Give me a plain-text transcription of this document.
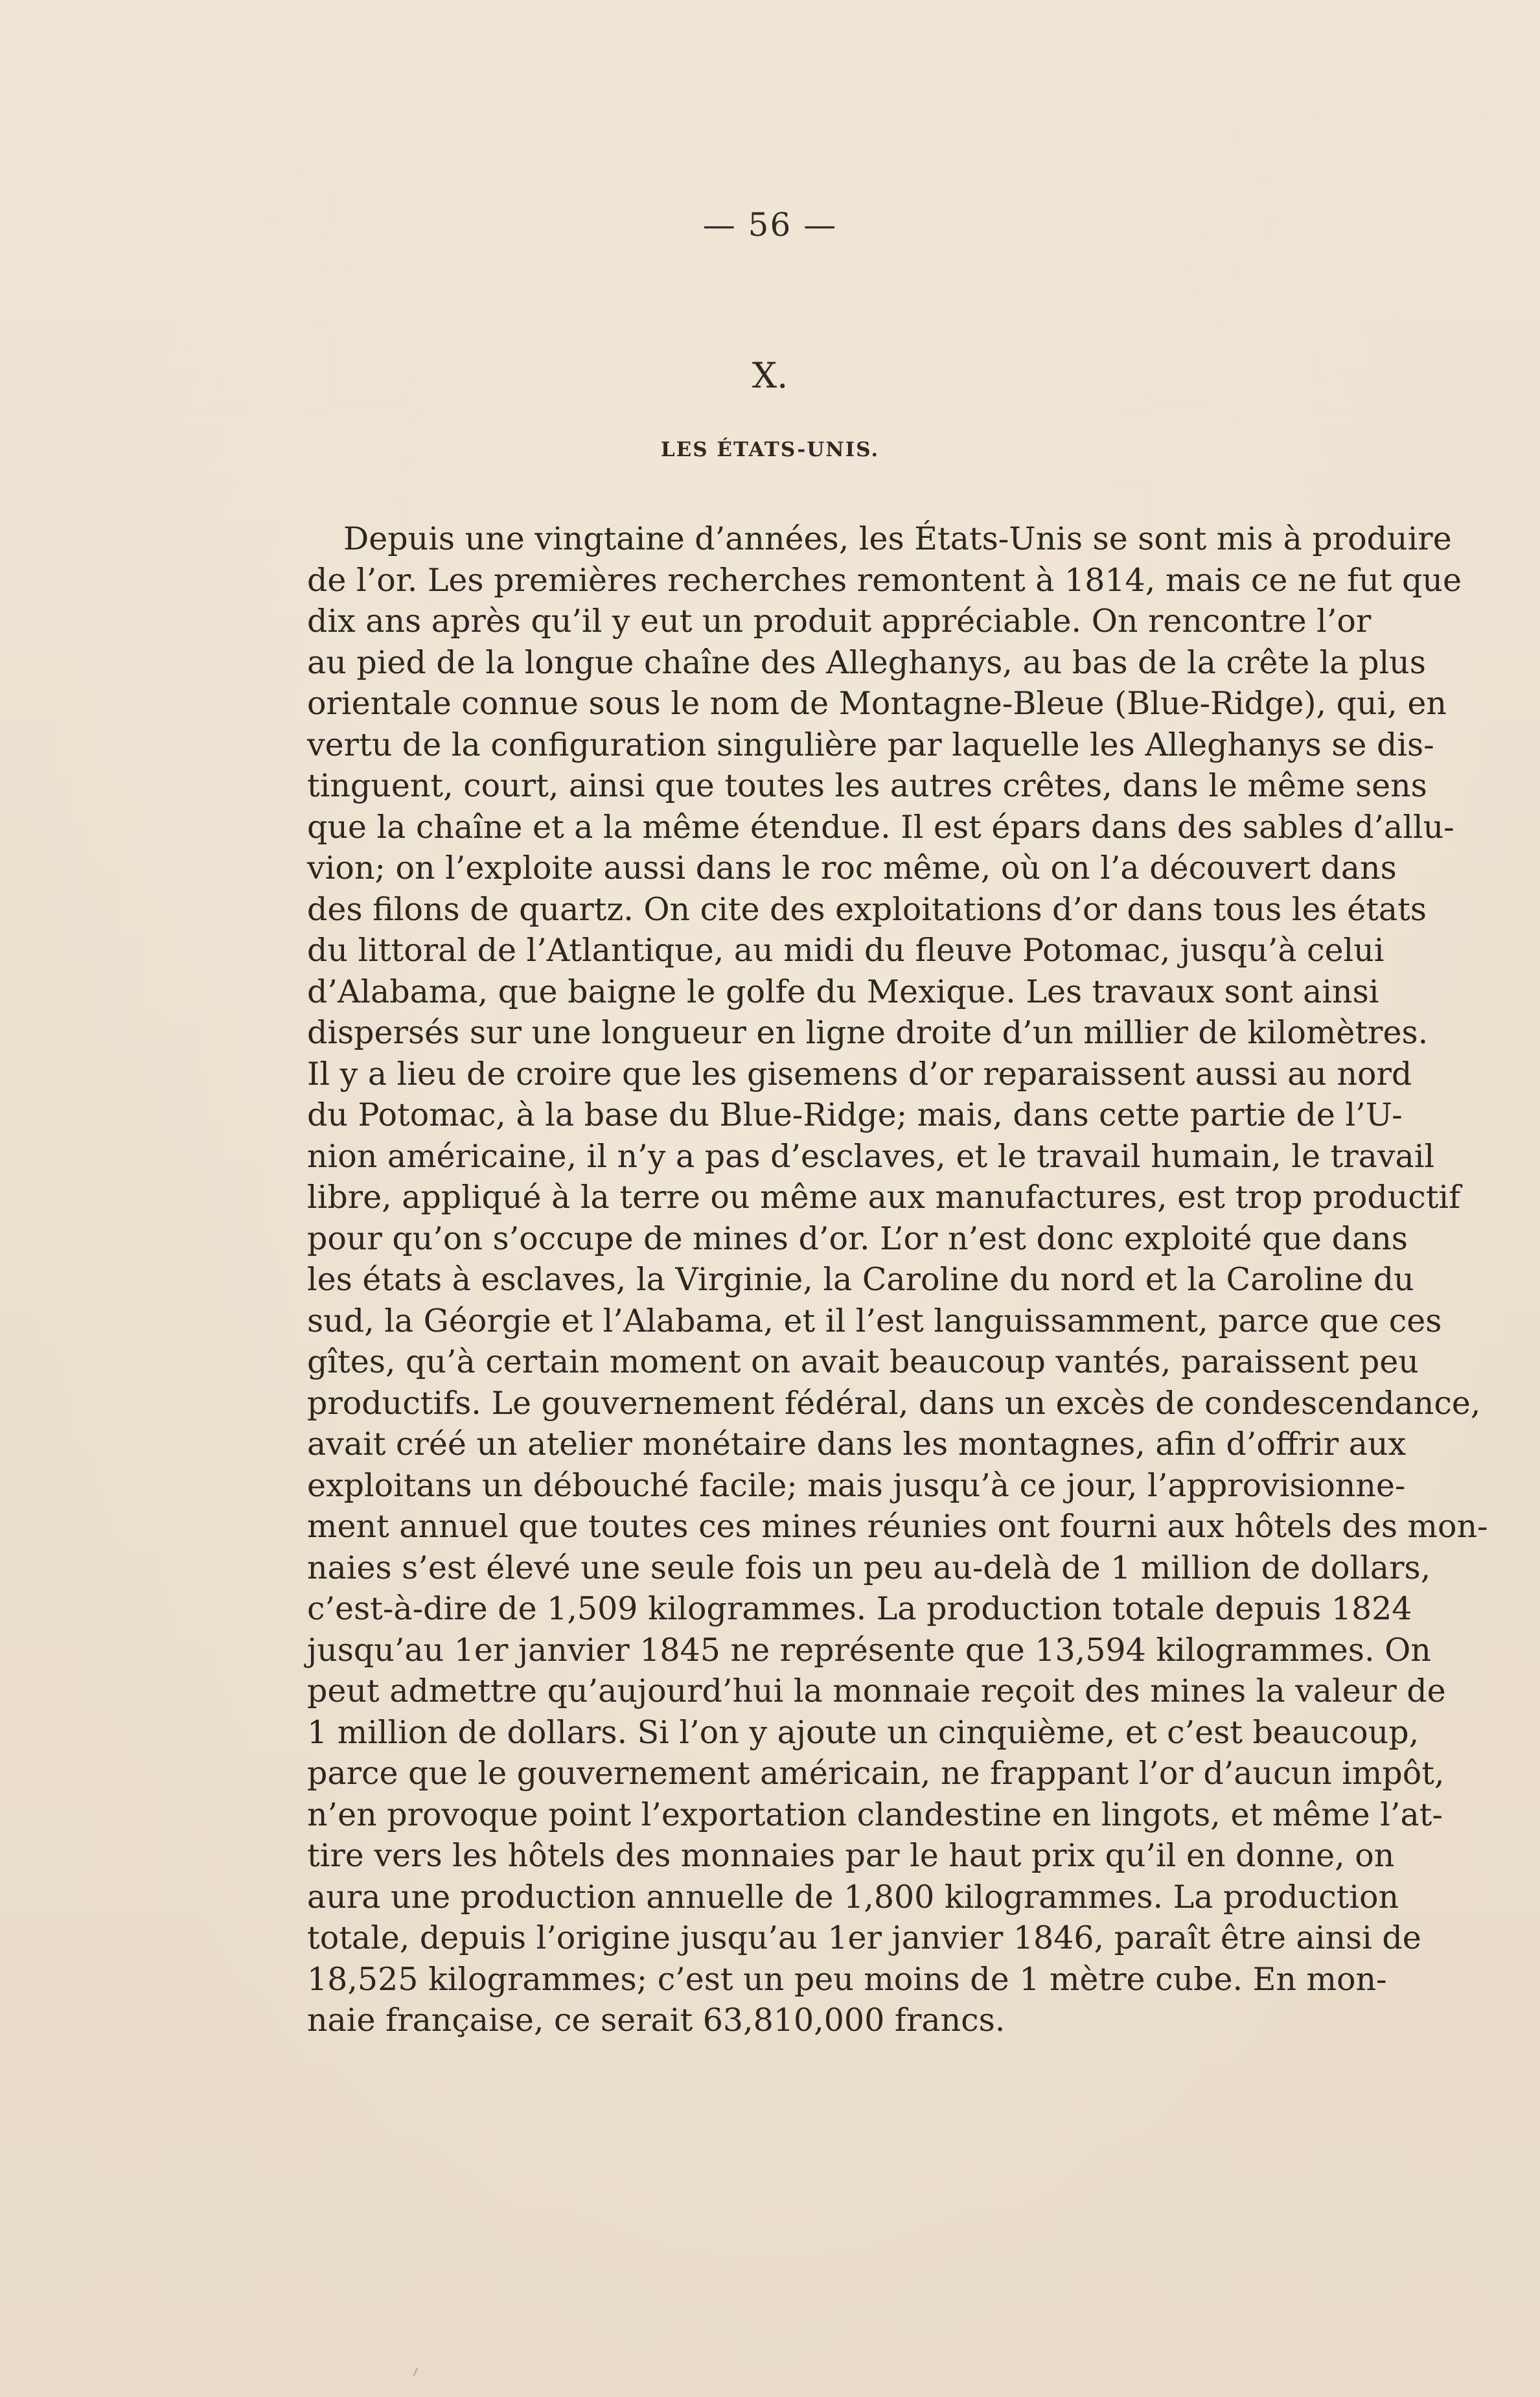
— 56 —
X.
LES ÉTATS-UNIS.
Depuis une vingtaine d’années, les États-Unis se sont mis à produire
de l’or. Les premières recherches remontent à 1814, mais ce ne fut que
dix ans après qu’il y eut un produit appréciable. On rencontre l’or
au pied de la longue chaîne des Alleghanys, au bas de la crête la plus
orientale connue sous le nom de Montagne-Bleue (Blue-Ridge), qui, en
vertu de la configuration singulière par laquelle les Alleghanys se dis-
tinguent, court, ainsi que toutes les autres crêtes, dans le même sens
que la chaîne et a la même étendue. Il est épars dans des sables d’allu-
vion; on l’exploite aussi dans le roc même, où on l’a découvert dans
des filons de quartz. On cite des exploitations d’or dans tous les états
du littoral de l’Atlantique, au midi du fleuve Potomac, jusqu’à celui
d’Alabama, que baigne le golfe du Mexique. Les travaux sont ainsi
dispersés sur une longueur en ligne droite d’un millier de kilomètres.
Il y a lieu de croire que les gisemens d’or reparaissent aussi au nord
du Potomac, à la base du Blue-Ridge; mais, dans cette partie de l’U-
nion américaine, il n’y a pas d’esclaves, et le travail humain, le travail
libre, appliqué à la terre ou même aux manufactures, est trop productif
pour qu’on s’occupe de mines d’or. L’or n’est donc exploité que dans
les états à esclaves, la Virginie, la Caroline du nord et la Caroline du
sud, la Géorgie et l’Alabama, et il l’est languissamment, parce que ces
gîtes, qu’à certain moment on avait beaucoup vantés, paraissent peu
productifs. Le gouvernement fédéral, dans un excès de condescendance,
avait créé un atelier monétaire dans les montagnes, afin d’offrir aux
exploitans un débouché facile; mais jusqu’à ce jour, l’approvisionne-
ment annuel que toutes ces mines réunies ont fourni aux hôtels des mon-
naies s’est élevé une seule fois un peu au-delà de 1 million de dollars,
c’est-à-dire de 1,509 kilogrammes. La production totale depuis 1824
jusqu’au 1er janvier 1845 ne représente que 13,594 kilogrammes. On
peut admettre qu’aujourd’hui la monnaie reçoit des mines la valeur de
1 million de dollars. Si l’on y ajoute un cinquième, et c’est beaucoup,
parce que le gouvernement américain, ne frappant l’or d’aucun impôt,
n’en provoque point l’exportation clandestine en lingots, et même l’at-
tire vers les hôtels des monnaies par le haut prix qu’il en donne, on
aura une production annuelle de 1,800 kilogrammes. La production
totale, depuis l’origine jusqu’au 1er janvier 1846, paraît être ainsi de
18,525 kilogrammes; c’est un peu moins de 1 mètre cube. En mon-
naie française, ce serait 63,810,000 francs.
